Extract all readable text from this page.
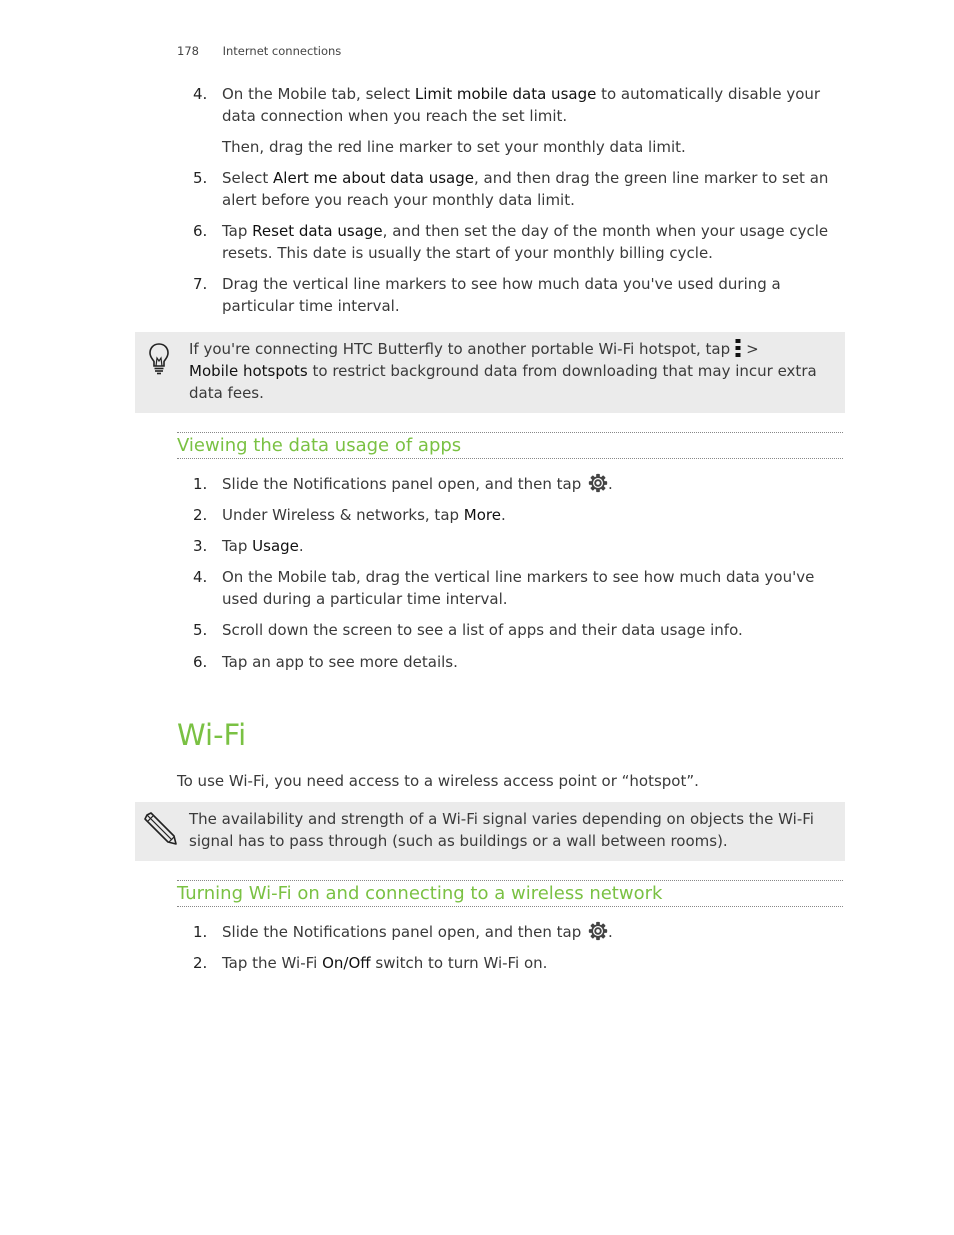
178 Internet connections
4. On the Mobile tab, select Limit mobile data usage to automatically disable your data connection when you reach the set limit.
Then, drag the red line marker to set your monthly data limit.
5. Select Alert me about data usage, and then drag the green line marker to set an alert before you reach your monthly data limit.
6. Tap Reset data usage, and then set the day of the month when your usage cycle resets. This date is usually the start of your monthly billing cycle.
7. Drag the vertical line markers to see how much data you've used during a particular time interval.
If you're connecting HTC Butterfly to another portable Wi-Fi hotspot, tap >
Mobile hotspots to restrict background data from downloading that may incur extra data fees.
Viewing the data usage of apps
1. Slide the Notifications panel open, and then tap .
2. Under Wireless & networks, tap More.
3. Tap Usage.
4. On the Mobile tab, drag the vertical line markers to see how much data you've used during a particular time interval.
5. Scroll down the screen to see a list of apps and their data usage info.
6. Tap an app to see more details.
Wi-Fi
To use Wi-Fi, you need access to a wireless access point or “hotspot”.
The availability and strength of a Wi-Fi signal varies depending on objects the Wi-Fi signal has to pass through (such as buildings or a wall between rooms).
Turning Wi-Fi on and connecting to a wireless network
1. Slide the Notifications panel open, and then tap .
2. Tap the Wi-Fi On/Off switch to turn Wi-Fi on.
